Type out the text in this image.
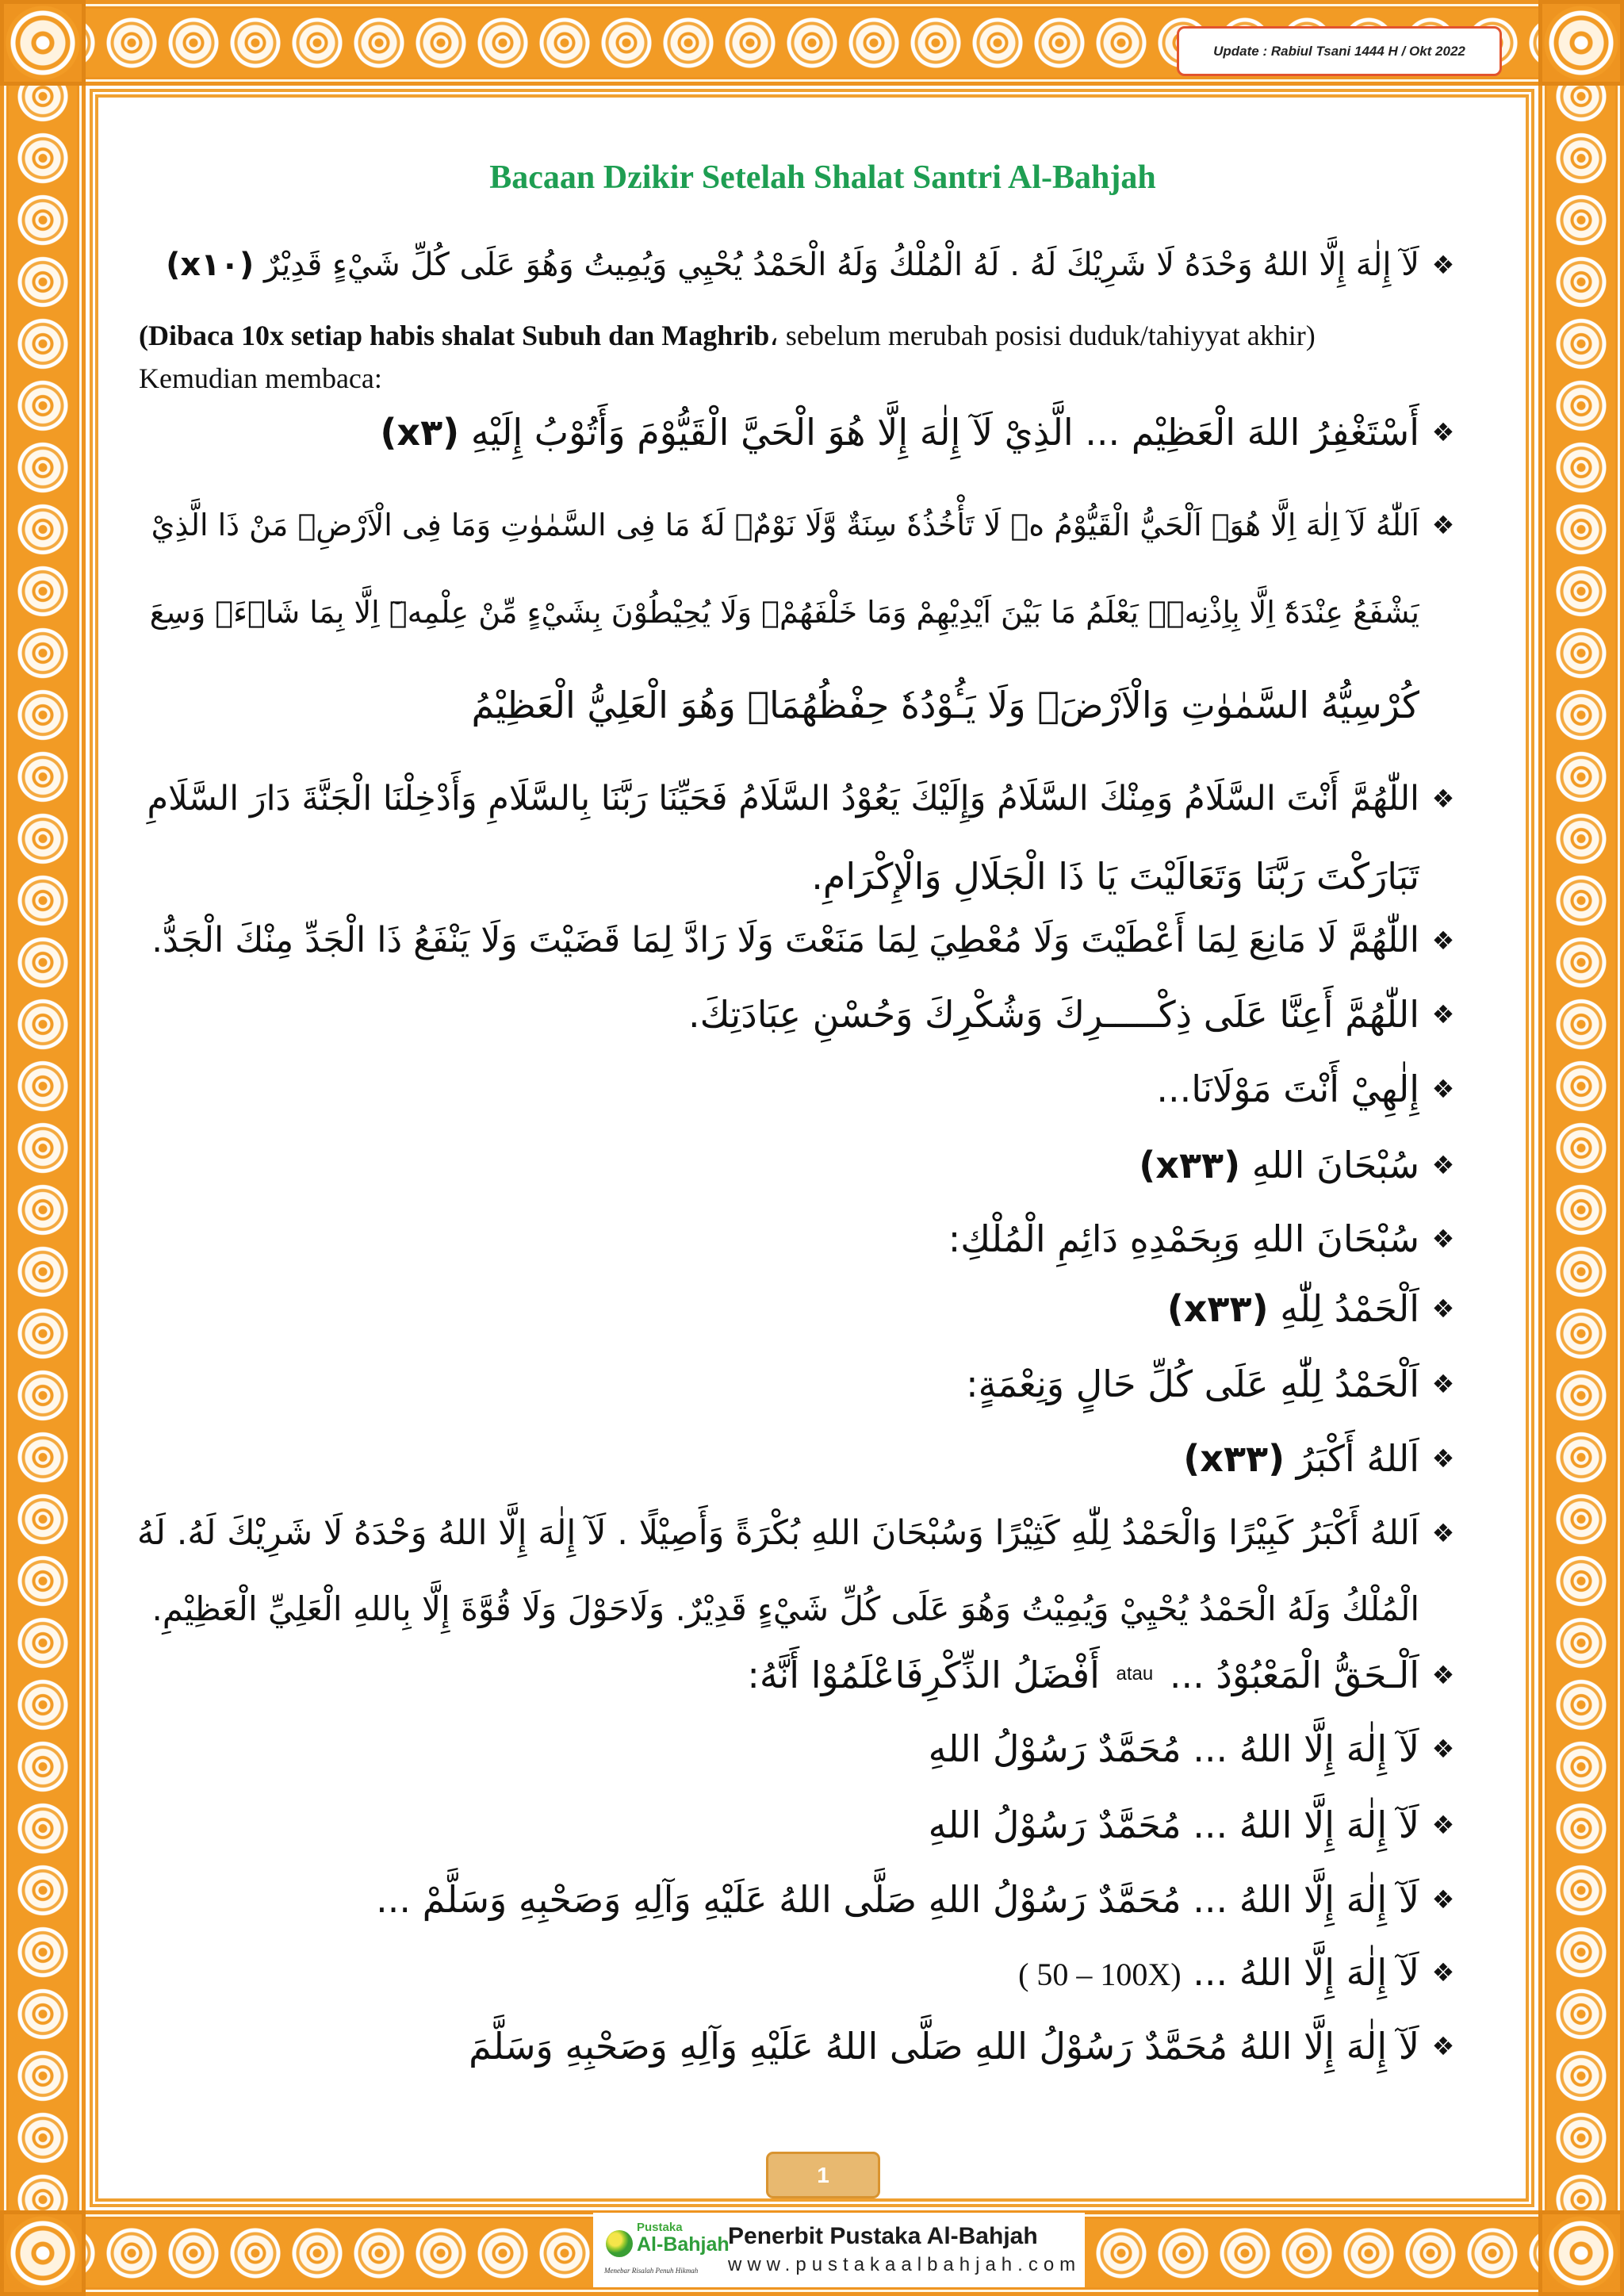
Update : Rabiul Tsani 1444 H / Okt 2022
Bacaan Dzikir Setelah Shalat Santri Al-Bahjah
❖
لَآ إِلٰهَ إِلَّا اللهُ وَحْدَهُ لَا شَرِيْكَ لَهُ . لَهُ الْمُلْكُ وَلَهُ الْحَمْدُ يُحْيِي وَيُمِيتُ وَهُوَ عَلَى كُلِّ شَيْءٍ قَدِيْرٌ (x١٠)
(Dibaca 10x setiap habis shalat Subuh dan Maghrib، sebelum merubah posisi duduk/tahiyyat akhir)
Kemudian membaca:
❖
أَسْتَغْفِرُ اللهَ الْعَظِيْم ... الَّذِيْ لَآ إِلٰهَ إِلَّا هُوَ الْحَيَّ الْقَيُّوْمَ وَأَتُوْبُ إِلَيْهِ (x٣)
❖
اَللّٰهُ لَآ اِلٰهَ اِلَّا هُوَۚ اَلْحَيُّ الْقَيُّوْمُ ەۚ لَا تَأْخُذُهٗ سِنَةٌ وَّلَا نَوْمٌۗ لَهٗ مَا فِى السَّمٰوٰتِ وَمَا فِى الْاَرْضِۗ مَنْ ذَا الَّذِيْ
يَشْفَعُ عِنْدَهٗٓ اِلَّا بِاِذْنِهٖۗ يَعْلَمُ مَا بَيْنَ اَيْدِيْهِمْ وَمَا خَلْفَهُمْۚ وَلَا يُحِيْطُوْنَ بِشَيْءٍ مِّنْ عِلْمِهٖٓ اِلَّا بِمَا شَاۤءَۚ وَسِعَ
كُرْسِيُّهُ السَّمٰوٰتِ وَالْاَرْضَۚ وَلَا يَـُٔوْدُهٗ حِفْظُهُمَاۚ وَهُوَ الْعَلِيُّ الْعَظِيْمُ
❖
اللّٰهُمَّ أَنْتَ السَّلَامُ وَمِنْكَ السَّلَامُ وَإِلَيْكَ يَعُوْدُ السَّلَامُ فَحَيِّنَا رَبَّنَا بِالسَّلَامِ وَأَدْخِلْنَا الْجَنَّةَ دَارَ السَّلَامِ
تَبَارَكْتَ رَبَّنَا وَتَعَالَيْتَ يَا ذَا الْجَلَالِ وَالْإِكْرَامِ.
❖
اللّٰهُمَّ لَا مَانِعَ لِمَا أَعْطَيْتَ وَلَا مُعْطِيَ لِمَا مَنَعْتَ وَلَا رَادَّ لِمَا قَضَيْتَ وَلَا يَنْفَعُ ذَا الْجَدِّ مِنْكَ الْجَدُّ.
❖
اللّٰهُمَّ أَعِنَّا عَلَى ذِكْـــــرِكَ وَشُكْرِكَ وَحُسْنِ عِبَادَتِكَ.
❖
إِلٰهِيْ أَنْتَ مَوْلَانَا...
❖
سُبْحَانَ اللهِ (x٣٣)
❖
سُبْحَانَ اللهِ وَبِحَمْدِهِ دَائِمِ الْمُلْكِ:
❖
اَلْحَمْدُ لِلّٰهِ (x٣٣)
❖
اَلْحَمْدُ لِلّٰهِ عَلَى كُلِّ حَالٍ وَنِعْمَةٍ:
❖
اَللهُ أَكْبَرُ (x٣٣)
❖
اَللهُ أَكْبَرُ كَبِيْرًا وَالْحَمْدُ لِلّٰهِ كَثِيْرًا وَسُبْحَانَ اللهِ بُكْرَةً وَأَصِيْلًا . لَآ إِلٰهَ إِلَّا اللهُ وَحْدَهُ لَا شَرِيْكَ لَهُ. لَهُ
الْمُلْكُ وَلَهُ الْحَمْدُ يُحْيِيْ وَيُمِيْتُ وَهُوَ عَلَى كُلِّ شَيْءٍ قَدِيْرٌ. وَلَاحَوْلَ وَلَا قُوَّةَ إِلَّا بِاللهِ الْعَلِيِّ الْعَظِيْمِ.
❖
اَلْـحَقُّ الْمَعْبُوْدُ ... $^{atau}$ أَفْضَلُ الذِّكْرِفَاعْلَمُوْا أَنَّهُ:
❖
لَآ إِلٰهَ إِلَّا اللهُ ... مُحَمَّدٌ رَسُوْلُ اللهِ
❖
لَآ إِلٰهَ إِلَّا اللهُ ... مُحَمَّدٌ رَسُوْلُ اللهِ
❖
لَآ إِلٰهَ إِلَّا اللهُ ... مُحَمَّدٌ رَسُوْلُ اللهِ صَلَّى اللهُ عَلَيْهِ وَآلِهِ وَصَحْبِهِ وَسَلَّمْ ...
❖
لَآ إِلٰهَ إِلَّا اللهُ ... ( 50 – 100X)
❖
لَآ إِلٰهَ إِلَّا اللهُ مُحَمَّدٌ رَسُوْلُ اللهِ صَلَّى اللهُ عَلَيْهِ وَآلِهِ وَصَحْبِهِ وَسَلَّمَ
1
Pustaka
Al-Bahjah
Menebar Risalah Penuh Hikmah
Penerbit Pustaka Al-Bahjah
www.pustakaalbahjah.com
